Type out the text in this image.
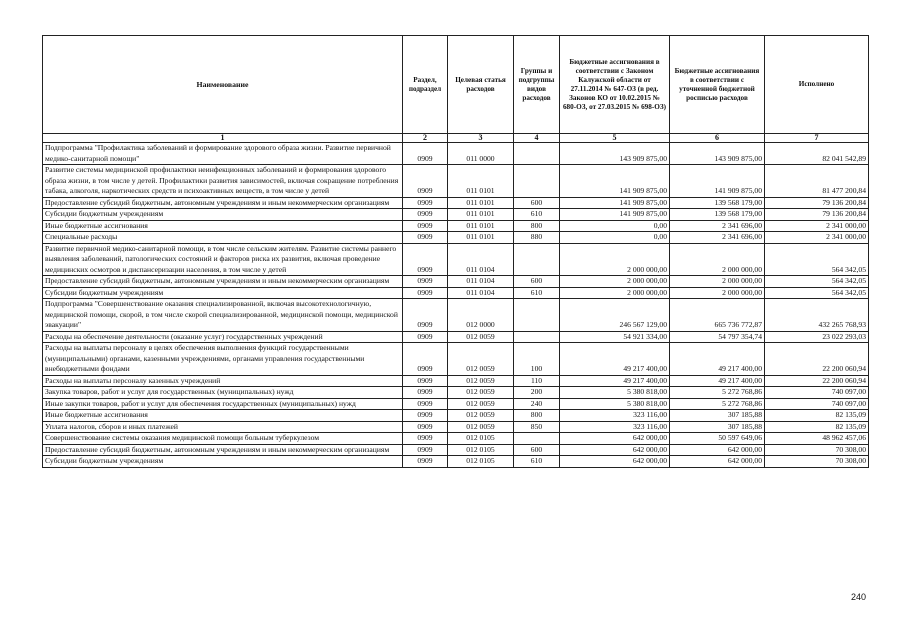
Наименование	Раздел, подраздел	Целевая статья расходов	Группы и подгруппы видов расходов	Бюджетные ассигнования в соответствии с Законом Калужской области от 27.11.2014 № 647-ОЗ (в ред. Законов КО от 10.02.2015 № 680-ОЗ, от 27.03.2015 № 698-ОЗ)	Бюджетные ассигнования в соответствии с уточненной бюджетной росписью расходов	Исполнено
1	2	3	4	5	6	7
Подпрограмма "Профилактика заболеваний и формирование здорового образа жизни. Развитие первичной медико-санитарной помощи"	0909	011 0000		143 909 875,00	143 909 875,00	82 041 542,89
Развитие системы медицинской профилактики неинфекционных заболеваний и формирования здорового образа жизни, в том числе у детей. Профилактики развития зависимостей, включая сокращение потребления табака, алкоголя, наркотических средств и психоактивных веществ, в том числе у детей	0909	011 0101		141 909 875,00	141 909 875,00	81 477 200,84
Предоставление субсидий бюджетным, автономным учреждениям и иным некоммерческим организациям	0909	011 0101	600	141 909 875,00	139 568 179,00	79 136 200,84
Субсидии бюджетным учреждениям	0909	011 0101	610	141 909 875,00	139 568 179,00	79 136 200,84
Иные бюджетные ассигнования	0909	011 0101	800	0,00	2 341 696,00	2 341 000,00
Специальные расходы	0909	011 0101	880	0,00	2 341 696,00	2 341 000,00
Развитие первичной медико-санитарной помощи, в том числе сельским жителям. Развитие системы раннего выявления заболеваний, патологических состояний и факторов риска их развития, включая проведение медицинских осмотров и диспансеризации населения, в том числе у детей	0909	011 0104		2 000 000,00	2 000 000,00	564 342,05
Предоставление субсидий бюджетным, автономным учреждениям и иным некоммерческим организациям	0909	011 0104	600	2 000 000,00	2 000 000,00	564 342,05
Субсидии бюджетным учреждениям	0909	011 0104	610	2 000 000,00	2 000 000,00	564 342,05
Подпрограмма "Совершенствование оказания специализированной, включая высокотехнологичную, медицинской помощи, скорой, в том числе скорой специализированной, медицинской помощи, медицинской эвакуации"	0909	012 0000		246 567 129,00	665 736 772,87	432 265 768,93
Расходы на обеспечение деятельности (оказание услуг) государственных учреждений	0909	012 0059		54 921 334,00	54 797 354,74	23 022 293,03
Расходы на выплаты персоналу в целях обеспечения выполнения функций государственными (муниципальными) органами, казенными учреждениями, органами управления государственными внебюджетными фондами	0909	012 0059	100	49 217 400,00	49 217 400,00	22 200 060,94
Расходы на выплаты персоналу казенных учреждений	0909	012 0059	110	49 217 400,00	49 217 400,00	22 200 060,94
Закупка товаров, работ и услуг для государственных (муниципальных) нужд	0909	012 0059	200	5 380 818,00	5 272 768,86	740 097,00
Иные закупки товаров, работ и услуг для обеспечения государственных (муниципальных) нужд	0909	012 0059	240	5 380 818,00	5 272 768,86	740 097,00
Иные бюджетные ассигнования	0909	012 0059	800	323 116,00	307 185,88	82 135,09
Уплата налогов, сборов и иных платежей	0909	012 0059	850	323 116,00	307 185,88	82 135,09
Совершенствование системы оказания медицинской помощи больным туберкулезом	0909	012 0105		642 000,00	50 597 649,06	48 962 457,06
Предоставление субсидий бюджетным, автономным учреждениям и иным некоммерческим организациям	0909	012 0105	600	642 000,00	642 000,00	70 308,00
Субсидии бюджетным учреждениям	0909	012 0105	610	642 000,00	642 000,00	70 308,00
240
